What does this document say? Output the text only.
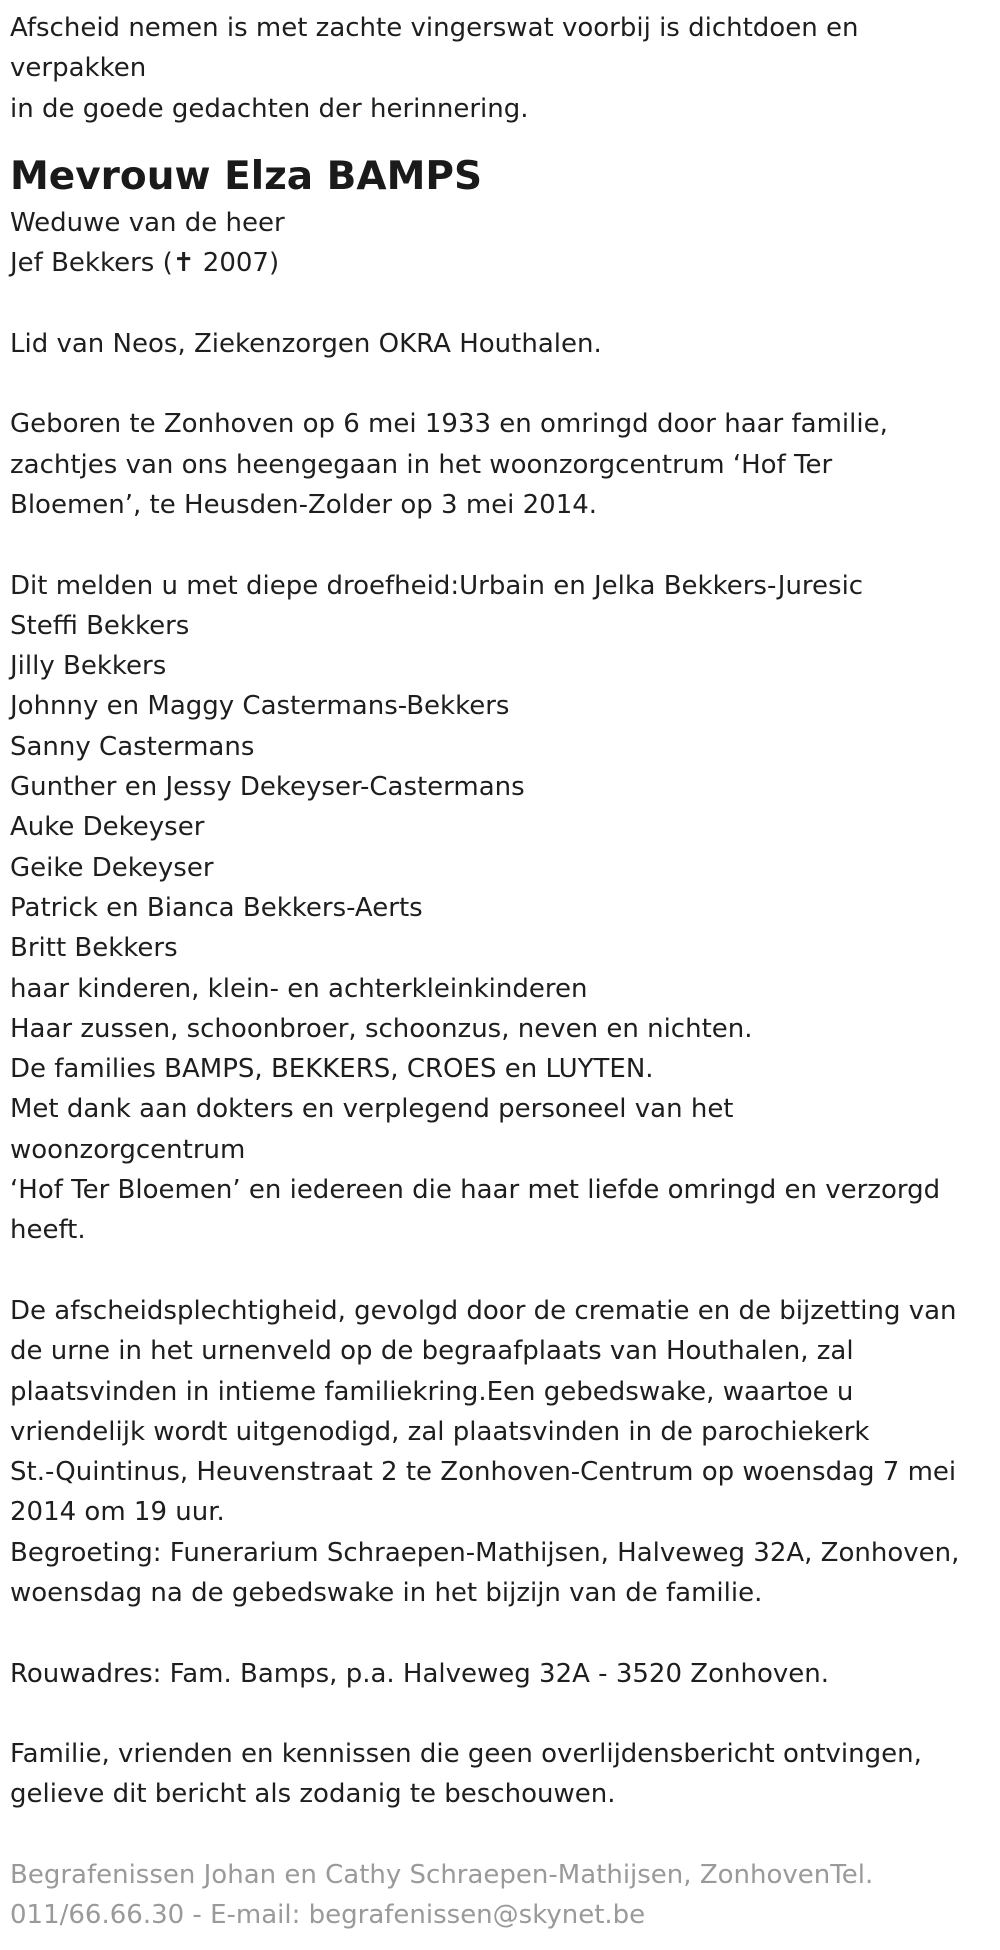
Afscheid nemen is met zachte vingerswat voorbij is dichtdoen en
verpakken
in de goede gedachten der herinnering.
Mevrouw Elza BAMPS
Weduwe van de heer
Jef Bekkers (✝ 2007)
Lid van Neos, Ziekenzorgen OKRA Houthalen.
Geboren te Zonhoven op 6 mei 1933 en omringd door haar familie,
zachtjes van ons heengegaan in het woonzorgcentrum ‘Hof Ter
Bloemen’, te Heusden-Zolder op 3 mei 2014.
Dit melden u met diepe droefheid:Urbain en Jelka Bekkers-Juresic
Steffi Bekkers
Jilly Bekkers
Johnny en Maggy Castermans-Bekkers
Sanny Castermans
Gunther en Jessy Dekeyser-Castermans
Auke Dekeyser
Geike Dekeyser
Patrick en Bianca Bekkers-Aerts
Britt Bekkers
haar kinderen, klein- en achterkleinkinderen
Haar zussen, schoonbroer, schoonzus, neven en nichten.
De families BAMPS, BEKKERS, CROES en LUYTEN.
Met dank aan dokters en verplegend personeel van het
woonzorgcentrum
‘Hof Ter Bloemen’ en iedereen die haar met liefde omringd en verzorgd
heeft.
De afscheidsplechtigheid, gevolgd door de crematie en de bijzetting van
de urne in het urnenveld op de begraafplaats van Houthalen, zal
plaatsvinden in intieme familiekring.Een gebedswake, waartoe u
vriendelijk wordt uitgenodigd, zal plaatsvinden in de parochiekerk
St.-Quintinus, Heuvenstraat 2 te Zonhoven-Centrum op woensdag 7 mei
2014 om 19 uur.
Begroeting: Funerarium Schraepen-Mathijsen, Halveweg 32A, Zonhoven,
woensdag na de gebedswake in het bijzijn van de familie.
Rouwadres: Fam. Bamps, p.a. Halveweg 32A - 3520 Zonhoven.
Familie, vrienden en kennissen die geen overlijdensbericht ontvingen,
gelieve dit bericht als zodanig te beschouwen.
Begrafenissen Johan en Cathy Schraepen-Mathijsen, ZonhovenTel.
011/66.66.30 - E-mail: begrafenissen@skynet.be
